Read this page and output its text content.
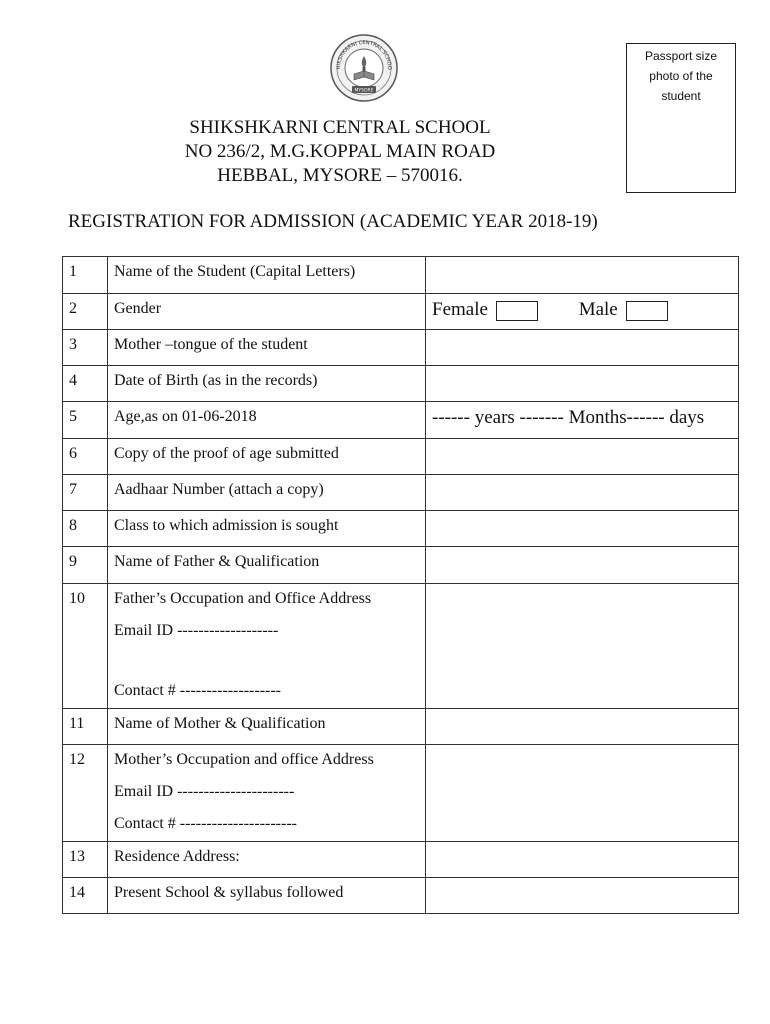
HIKSHKARNI CENTRAL SCHOO
MYSORE
Passport size
photo of the
student
SHIKSHKARNI CENTRAL SCHOOL
NO 236/2, M.G.KOPPAL MAIN ROAD
HEBBAL, MYSORE – 570016.
REGISTRATION FOR ADMISSION (ACADEMIC YEAR 2018-19)
1	Name of the Student (Capital Letters)	
2	Gender	Female Male
3	Mother –tongue of the student	
4	Date of Birth (as in the records)	
5	Age,as on 01-06-2018	------ years ------- Months------ days
6	Copy of the proof of age submitted	
7	Aadhaar Number (attach a copy)	
8	Class to which admission is sought	
9	Name of Father & Qualification	
10	Father’s Occupation and Office Address
Email ID -------------------
Contact # -------------------	

11	Name of Mother & Qualification	
12	Mother’s Occupation and office Address
Email ID ----------------------
Contact # ----------------------	

13	Residence Address:	
14	Present School & syllabus followed	
